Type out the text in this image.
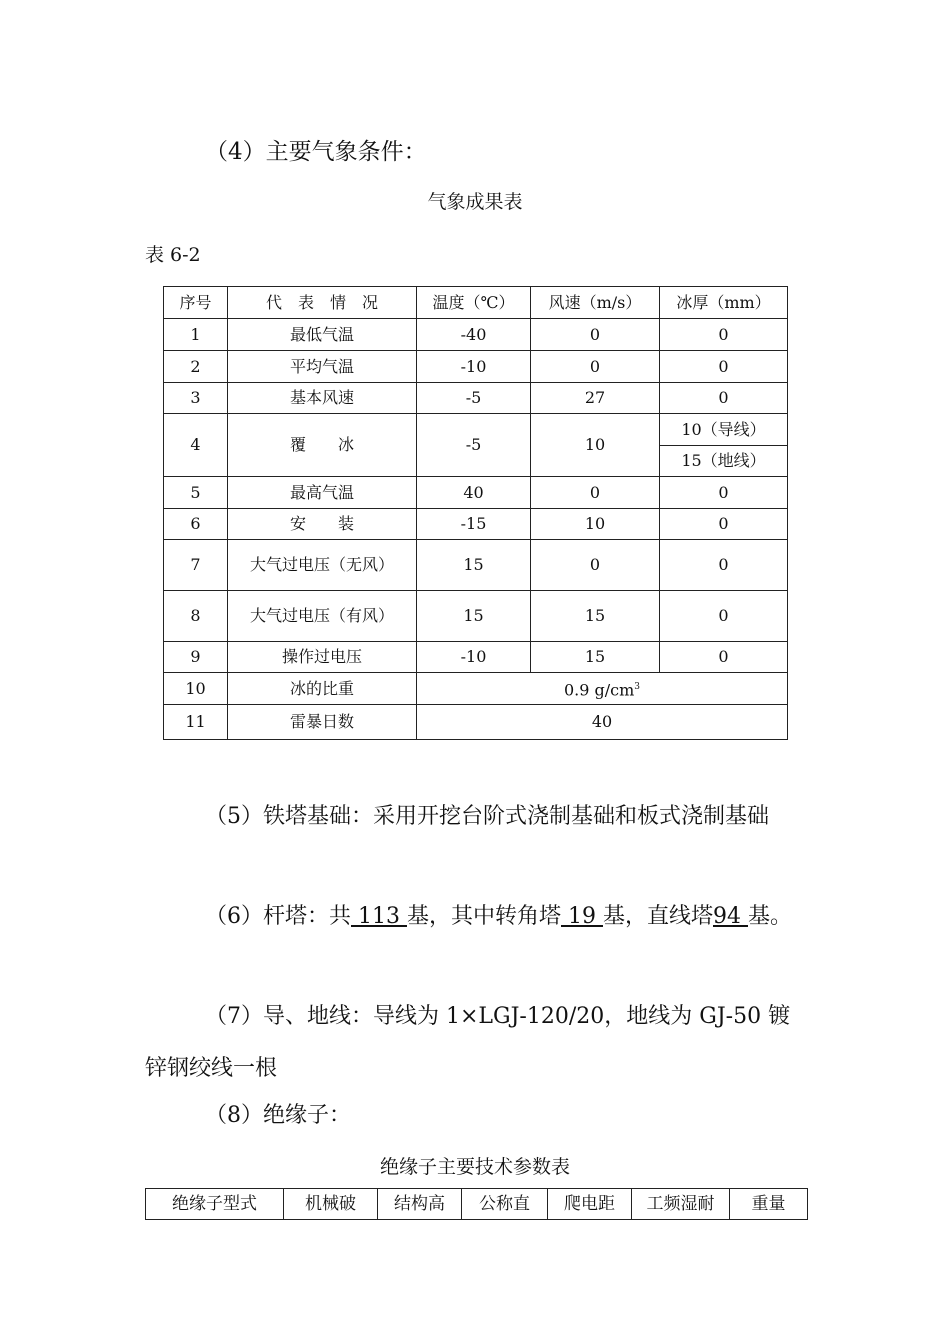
（4）主要气象条件：
气象成果表
表 6-2
序号	代　表　情　况	温度（℃）	风速（m/s）	冰厚（mm）
1	最低气温	-40	0	0
2	平均气温	-10	0	0
3	基本风速	-5	27	0
4	覆　　冰	-5	10	10（导线）
				15（地线）
5	最高气温	40	0	0
6	安　　装	-15	10	0
7	大气过电压（无风）	15	0	0
8	大气过电压（有风）	15	15	0
9	操作过电压	-10	15	0
10	冰的比重	0.9 $g/cm^3$
11	雷暴日数	40		
（5）铁塔基础：采用开挖台阶式浇制基础和板式浇制基础
（6）杆塔：共 113 基，其中转角塔 19 基，直线塔94 基。
（7）导、地线：导线为 1×LGJ-120/20，地线为 GJ-50 镀锌钢绞线一根
（8）绝缘子：
绝缘子主要技术参数表
绝缘子型式	机械破	结构高	公称直	爬电距	工频湿耐	重量
